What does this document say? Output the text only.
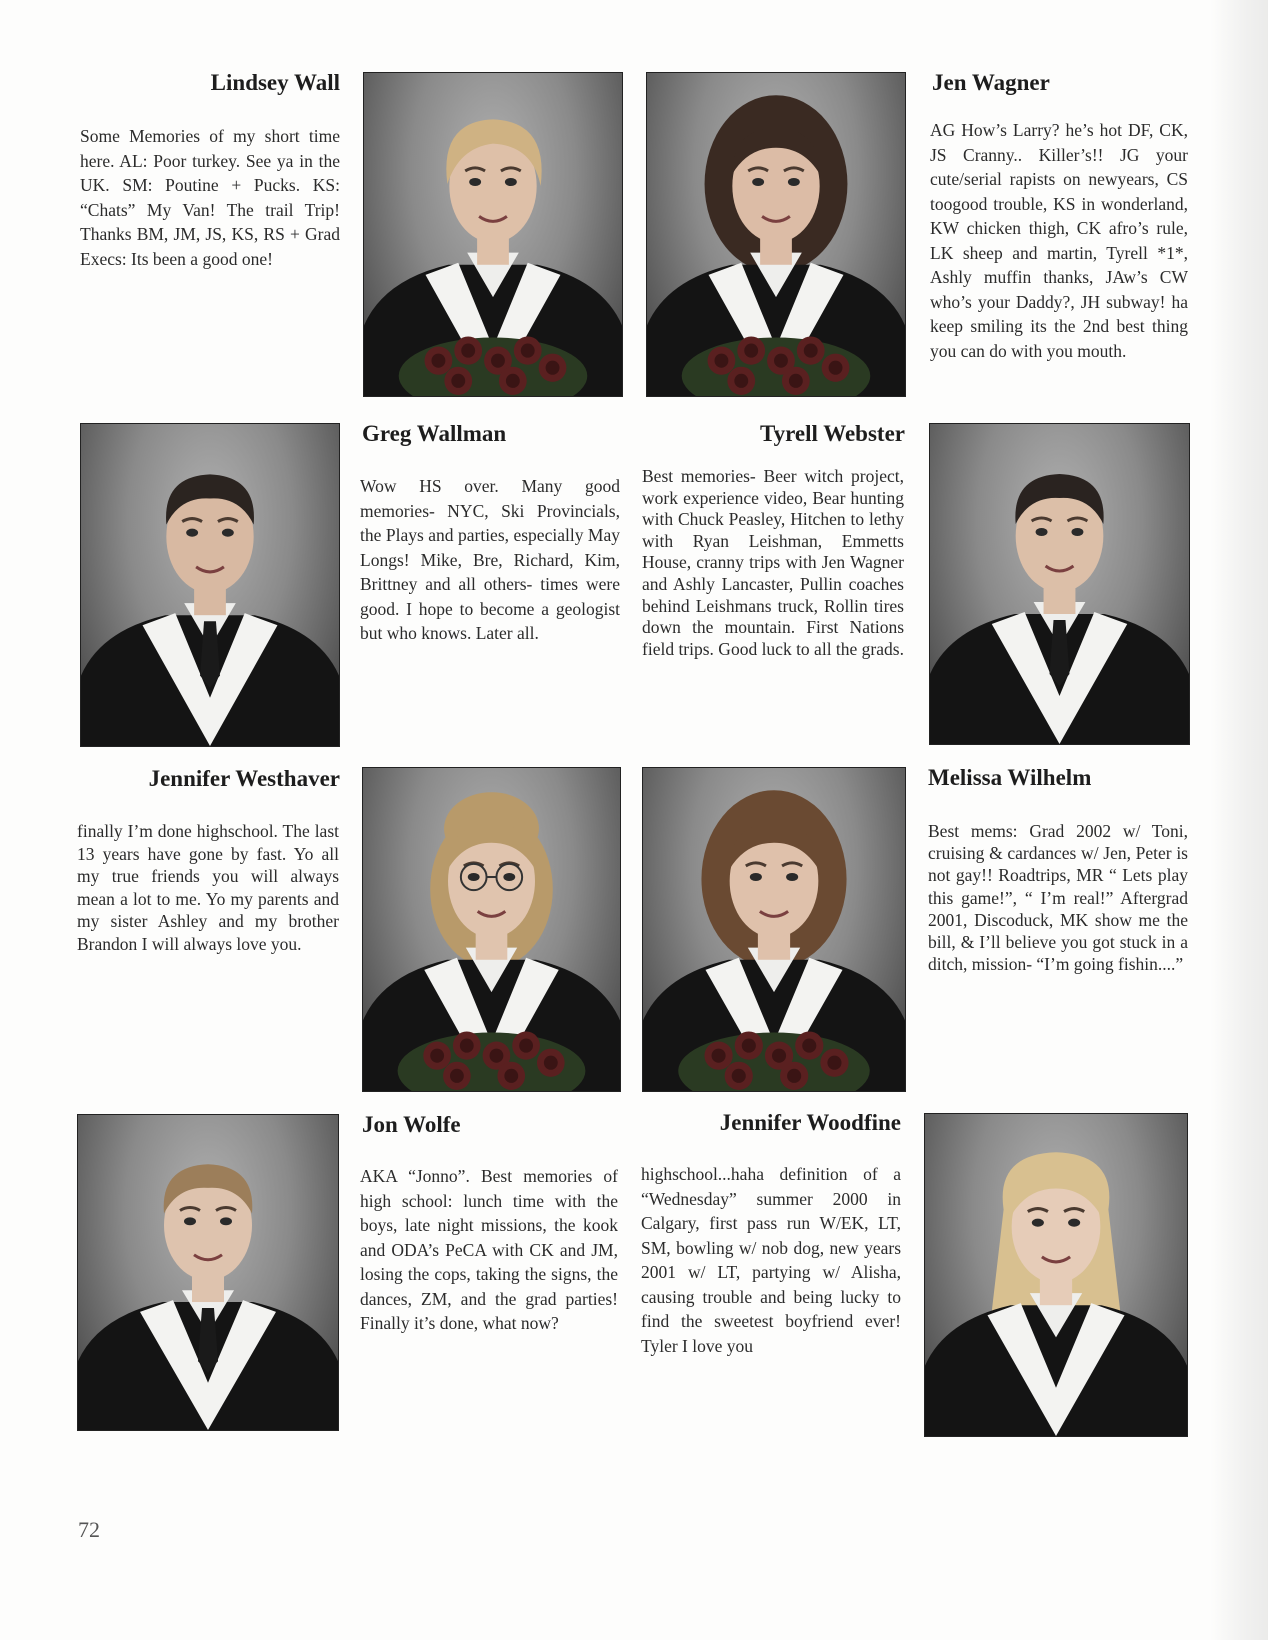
Lindsey Wall

Some Memories of my short time here. AL: Poor turkey. See ya in the UK. SM: Poutine + Pucks. KS: “Chats” My Van! The trail Trip! Thanks BM, JM, JS, KS, RS + Grad Execs: Its been a good one!

Jen Wagner

AG How’s Larry? he’s hot DF, CK, JS Cranny.. Killer’s!! JG your cute/serial rapists on newyears, CS toogood trouble, KS in wonderland, KW chicken thigh, CK afro’s rule, LK sheep and martin, Tyrell *1*, Ashly muffin thanks, JAw’s CW who’s your Daddy?, JH subway! ha keep smiling its the 2nd best thing you can do with you mouth.

Greg Wallman

Wow HS over. Many good memories- NYC, Ski Provincials, the Plays and parties, especially May Longs! Mike, Bre, Richard, Kim, Brittney and all others- times were good. I hope to become a geologist but who knows. Later all.

Tyrell Webster

Best memories- Beer witch project, work experience video, Bear hunting with Chuck Peasley, Hitchen to lethy with Ryan Leishman, Emmetts House, cranny trips with Jen Wagner and Ashly Lancaster, Pullin coaches behind Leishmans truck, Rollin tires down the mountain. First Nations field trips. Good luck to all the grads.

Jennifer Westhaver

finally I’m done highschool. The last 13 years have gone by fast. Yo all my true friends you will always mean a lot to me. Yo my parents and my sister Ashley and my brother Brandon I will always love you.

Melissa Wilhelm

Best mems: Grad 2002 w/ Toni, cruising & cardances w/ Jen, Peter is not gay!! Roadtrips, MR “ Lets play this game!”, “ I’m real!” Aftergrad 2001, Discoduck, MK show me the bill, & I’ll believe you got stuck in a ditch, mission- “I’m going fishin....”

Jon Wolfe

AKA “Jonno”. Best memories of high school: lunch time with the boys, late night missions, the kook and ODA’s PeCA with CK and JM, losing the cops, taking the signs, the dances, ZM, and the grad parties! Finally it’s done, what now?

Jennifer Woodfine

highschool...haha definition of a “Wednesday” summer 2000 in Calgary, first pass run W/EK, LT, SM, bowling w/ nob dog, new years 2001 w/ LT, partying w/ Alisha, causing trouble and being lucky to find the sweetest boyfriend ever! Tyler I love you

72
